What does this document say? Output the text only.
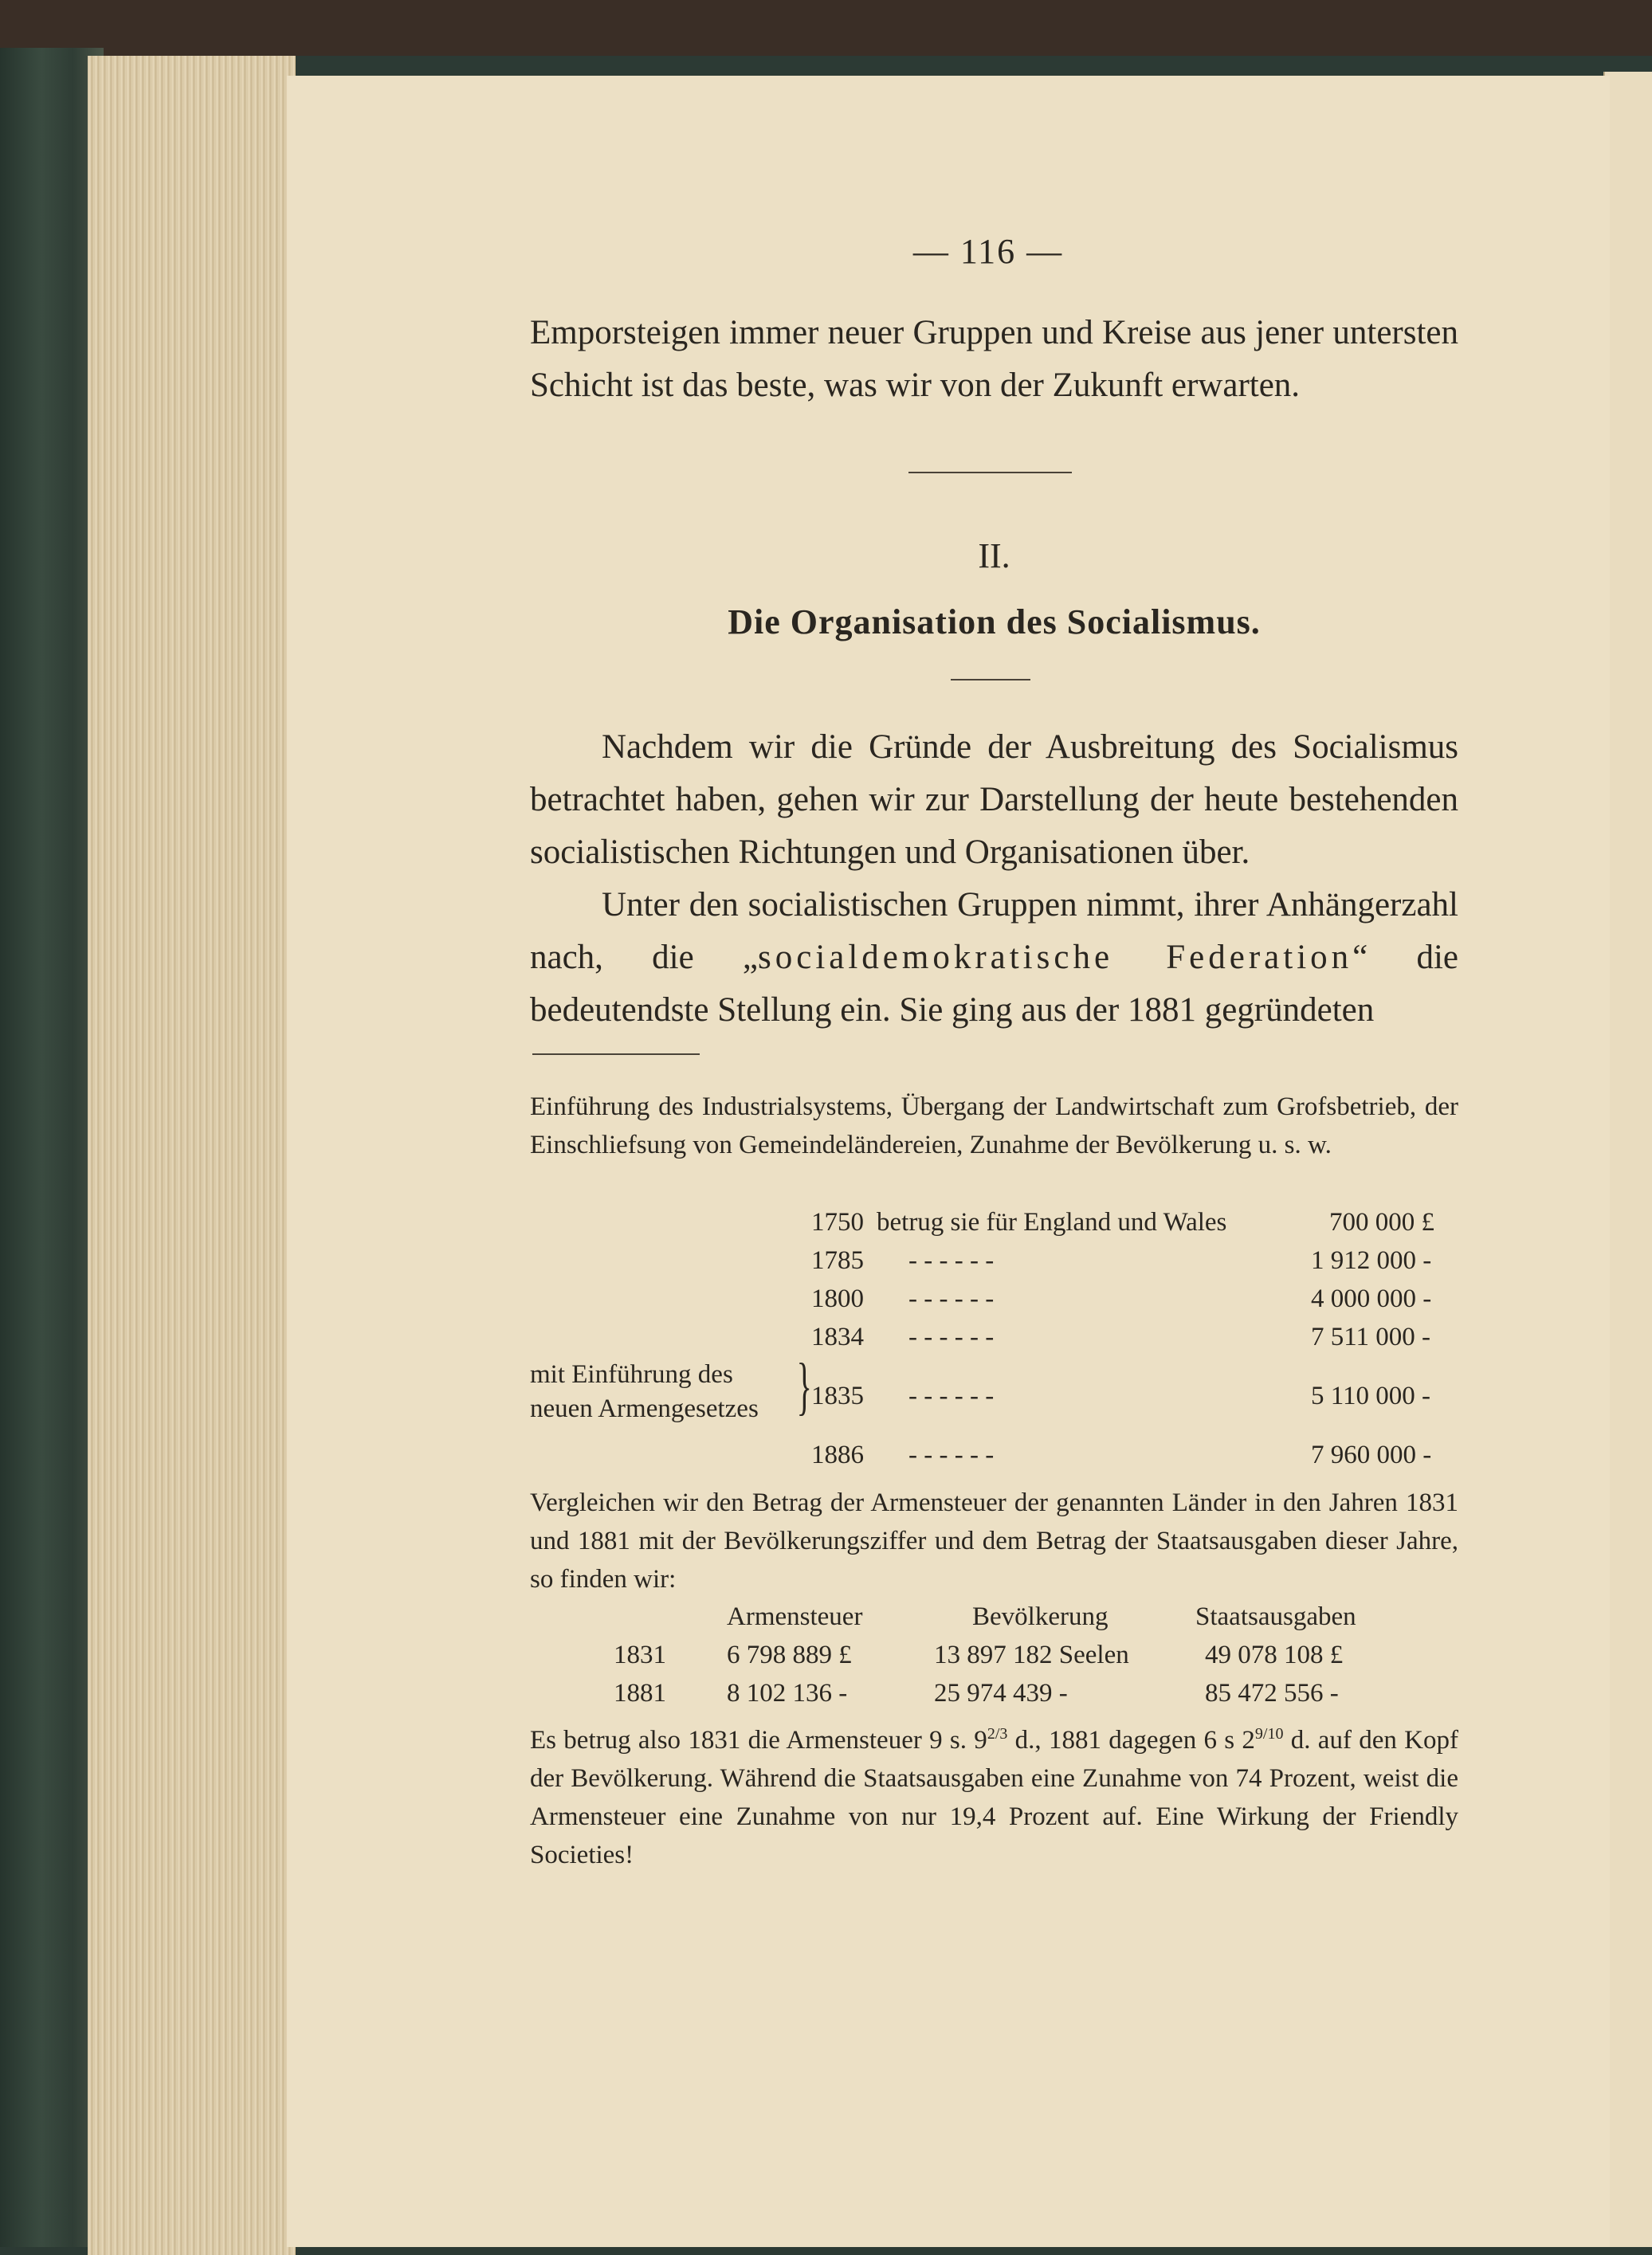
— 116 —
Emporsteigen immer neuer Gruppen und Kreise aus jener untersten Schicht ist das beste, was wir von der Zukunft erwarten.
II.
Die Organisation des Socialismus.
Nachdem wir die Gründe der Ausbreitung des Socialismus betrachtet haben, gehen wir zur Darstellung der heute bestehenden socialistischen Richtungen und Organisationen über.
Unter den socialistischen Gruppen nimmt, ihrer Anhängerzahl nach, die „socialdemokratische Federation“ die bedeutendste Stellung ein. Sie ging aus der 1881 gegründeten
Einführung des Industrialsystems, Übergang der Landwirtschaft zum Grofsbetrieb, der Einschliefsung von Gemeindeländereien, Zunahme der Bevölkerung u. s. w.
1750 betrug sie für England und Wales	700 000 £
1785 - - - - - -	1 912 000 -
1800 - - - - - -	4 000 000 -
1834 - - - - - -	7 511 000 -
mit Einführung des
neuen Armengesetzes } 1835 - - - - - -	5 110 000 -
1886 - - - - - -	7 960 000 -
Vergleichen wir den Betrag der Armensteuer der genannten Länder in den Jahren 1831 und 1881 mit der Bevölkerungsziffer und dem Betrag der Staatsausgaben dieser Jahre, so finden wir:
Armensteuer	Bevölkerung	Staatsausgaben
1831 6 798 889 £	13 897 182 Seelen	49 078 108 £
1881 8 102 136 -	25 974 439 -	85 472 556 -
Es betrug also 1831 die Armensteuer 9 s. $9^{2/3}$ d., 1881 dagegen 6 s $2^{9/10}$ d. auf den Kopf der Bevölkerung. Während die Staatsausgaben eine Zunahme von 74 Prozent, weist die Armensteuer eine Zunahme von nur 19,4 Prozent auf. Eine Wirkung der Friendly Societies!
